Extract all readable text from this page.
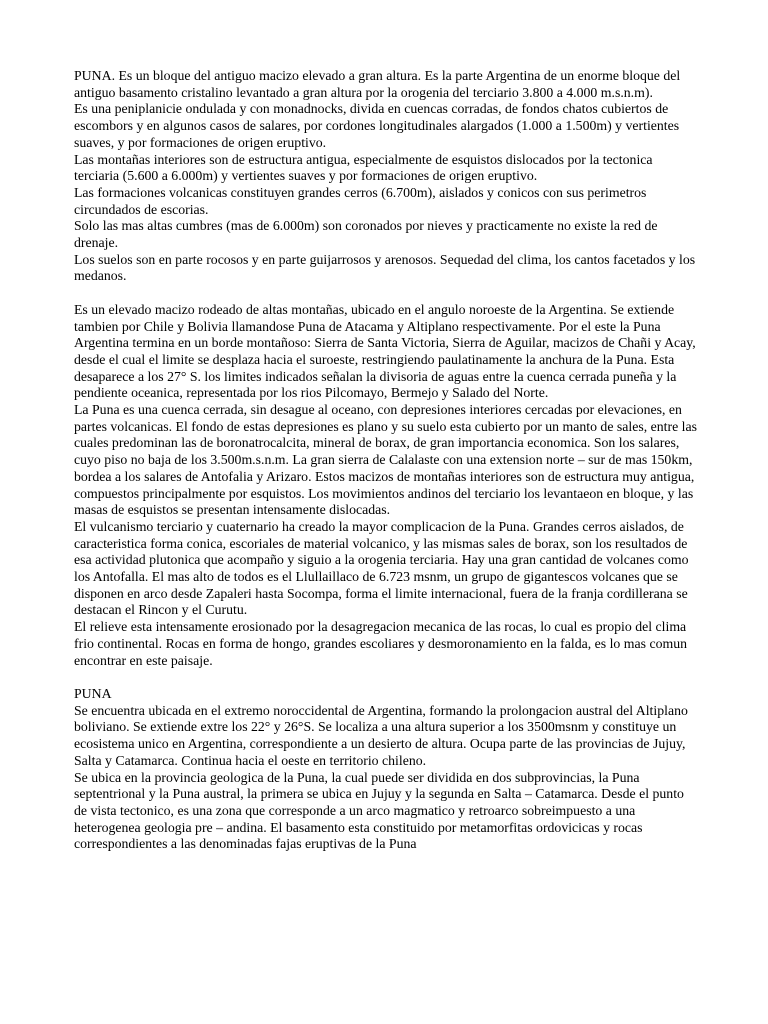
PUNA. Es un bloque del antiguo macizo elevado a gran altura. Es la parte Argentina de un enorme bloque del antiguo basamento cristalino levantado a gran altura por la orogenia del terciario 3.800 a 4.000 m.s.n.m).

Es una peniplanicie ondulada y con monadnocks, divida en cuencas corradas, de fondos chatos cubiertos de escombors y en algunos casos de salares, por cordones longitudinales alargados (1.000 a 1.500m) y vertientes suaves, y por formaciones de origen eruptivo.

Las montañas interiores son de estructura antigua, especialmente de esquistos dislocados por la tectonica terciaria (5.600 a 6.000m) y vertientes suaves y por formaciones de origen eruptivo.

Las formaciones volcanicas constituyen grandes cerros (6.700m), aislados y conicos con sus perimetros circundados de escorias.

Solo las mas altas cumbres (mas de 6.000m) son coronados por nieves y practicamente no existe la red de drenaje.

Los suelos son en parte rocosos y en parte guijarrosos y arenosos. Sequedad del clima, los cantos facetados y los medanos.

Es un elevado macizo rodeado de altas montañas, ubicado en el angulo noroeste de la Argentina. Se extiende tambien por Chile y Bolivia llamandose Puna de Atacama y Altiplano respectivamente. Por el este la Puna Argentina termina en un borde montañoso: Sierra de Santa Victoria, Sierra de Aguilar, macizos de Chañi y Acay, desde el cual el limite se desplaza hacia el suroeste, restringiendo paulatinamente la anchura de la Puna. Esta desaparece a los 27° S. los limites indicados señalan la divisoria de aguas entre la cuenca cerrada puneña y la pendiente oceanica, representada por los rios Pilcomayo, Bermejo y Salado del Norte.

La Puna es una cuenca cerrada, sin desague al oceano, con depresiones interiores cercadas por elevaciones, en partes volcanicas. El fondo de estas depresiones es plano y su suelo esta cubierto por un manto de sales, entre las cuales predominan las de boronatrocalcita, mineral de borax, de gran importancia economica. Son los salares, cuyo piso no baja de los 3.500m.s.n.m. La gran sierra de Calalaste con una extension norte – sur de mas 150km, bordea a los salares de Antofalia y Arizaro. Estos macizos de montañas interiores son de estructura muy antigua, compuestos principalmente por esquistos. Los movimientos andinos del terciario los levantaeon en bloque, y las masas de esquistos se presentan intensamente dislocadas.

El vulcanismo terciario y cuaternario ha creado la mayor complicacion de la Puna. Grandes cerros aislados, de caracteristica forma conica, escoriales de material volcanico, y las mismas sales de borax, son los resultados de esa actividad plutonica que acompaño y siguio a la orogenia terciaria. Hay una gran cantidad de volcanes como los Antofalla. El mas alto de todos es el Llullaillaco de 6.723 msnm, un grupo de gigantescos volcanes que se disponen en arco desde Zapaleri hasta Socompa, forma el limite internacional, fuera de la franja cordillerana se destacan el Rincon y el Curutu.

El relieve esta intensamente erosionado por la desagregacion mecanica de las rocas, lo cual es propio del clima frio continental. Rocas en forma de hongo, grandes escoliares y desmoronamiento en la falda, es lo mas comun encontrar en este paisaje.

PUNA

Se encuentra ubicada en el extremo noroccidental de Argentina, formando la prolongacion austral del Altiplano boliviano. Se extiende extre los 22° y 26°S. Se localiza a una altura superior a los 3500msnm y constituye un ecosistema unico en Argentina, correspondiente a un desierto de altura. Ocupa parte de las provincias de Jujuy, Salta y Catamarca. Continua hacia el oeste en territorio chileno.

Se ubica en la provincia geologica de la Puna, la cual puede ser dividida en dos subprovincias, la Puna septentrional y la Puna austral, la primera se ubica en Jujuy y la segunda en Salta – Catamarca. Desde el punto de vista tectonico, es una zona que corresponde a un arco magmatico y retroarco sobreimpuesto a una heterogenea geologia pre – andina. El basamento esta constituido por metamorfitas ordovicicas y rocas correspondientes a las denominadas fajas eruptivas de la Puna
